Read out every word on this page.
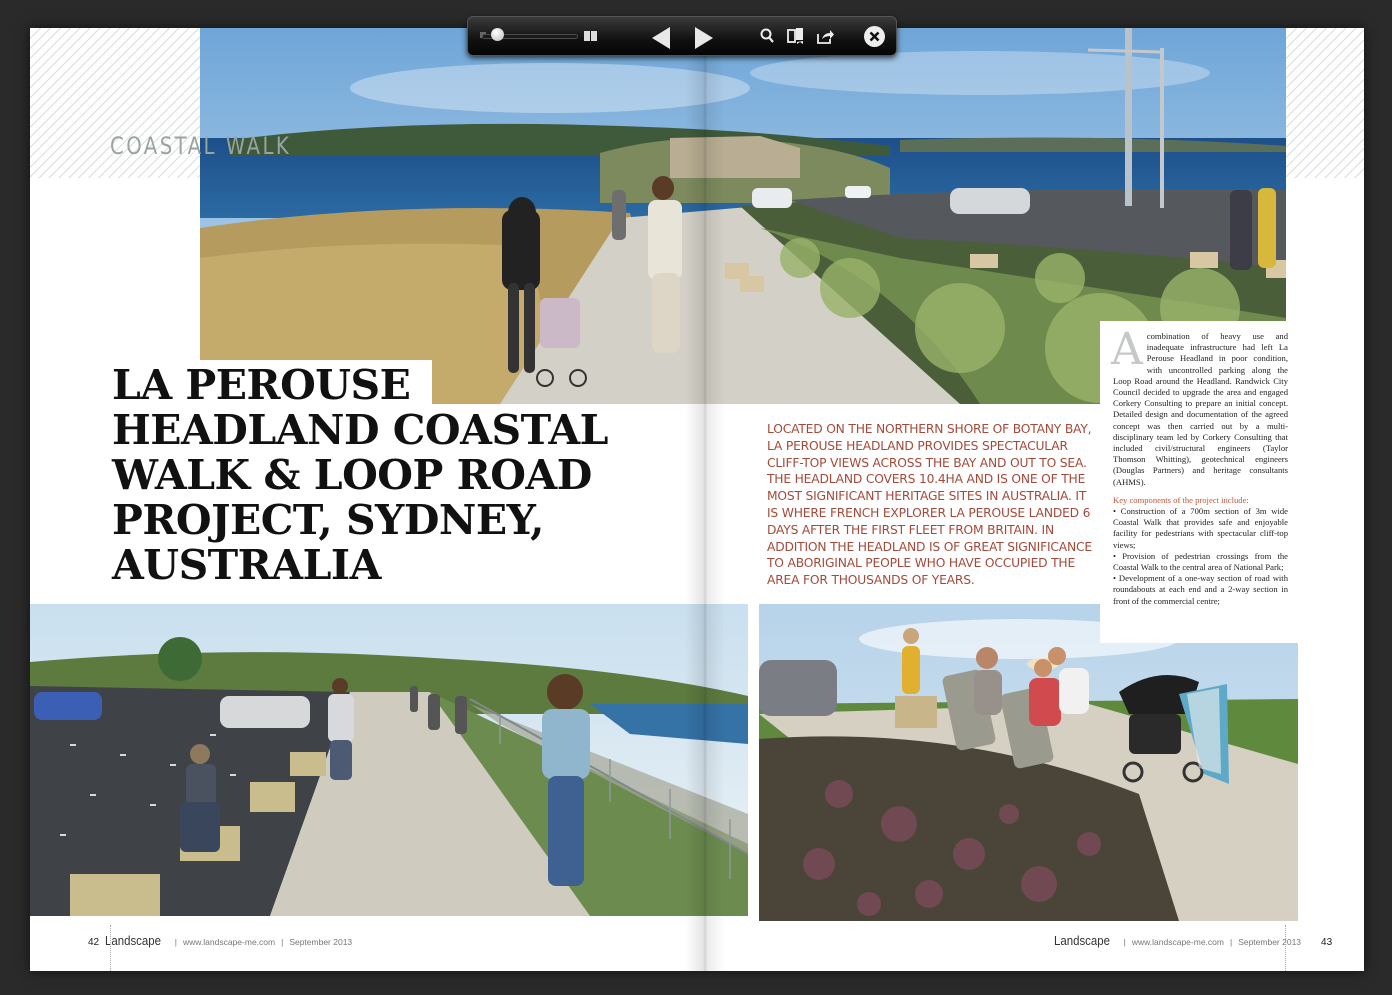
COASTAL WALK
LA PEROUSE
HEADLAND COASTAL
WALK & LOOP ROAD
PROJECT, SYDNEY,
AUSTRALIA

LOCATED ON THE NORTHERN SHORE OF BOTANY BAY, LA PEROUSE HEADLAND PROVIDES SPECTACULAR CLIFF-TOP VIEWS ACROSS THE BAY AND OUT TO SEA. THE HEADLAND COVERS 10.4HA AND IS ONE OF THE MOST SIGNIFICANT HERITAGE SITES IN AUSTRALIA. IT IS WHERE FRENCH EXPLORER LA PEROUSE LANDED 6 DAYS AFTER THE FIRST FLEET FROM BRITAIN. IN ADDITION THE HEADLAND IS OF GREAT SIGNIFICANCE TO ABORIGINAL PEOPLE WHO HAVE OCCUPIED THE AREA FOR THOUSANDS OF YEARS.

Acombination of heavy use and inadequate infrastructure had left La Perouse Headland in poor condition, with uncontrolled parking along the Loop Road around the Headland. Randwick City Council decided to upgrade the area and engaged Corkery Consulting to prepare an initial concept. Detailed design and documentation of the agreed concept was then carried out by a multi-disciplinary team led by Corkery Consulting that included civil/structural engineers (Taylor Thomson Whitting), geotechnical engineers (Douglas Partners) and heritage consultants (AHMS).

Key components of the project include:

• Construction of a 700m section of 3m wide Coastal Walk that provides safe and enjoyable facility for pedestrians with spectacular cliff-top views;
• Provision of pedestrian crossings from the Coastal Walk to the central area of National Park;
• Development of a one-way section of road with roundabouts at each end and a 2-way section in front of the commercial centre;
42 Landscape | www.landscape-me.com | September 2013	Landscape | www.landscape-me.com | September 2013 43
